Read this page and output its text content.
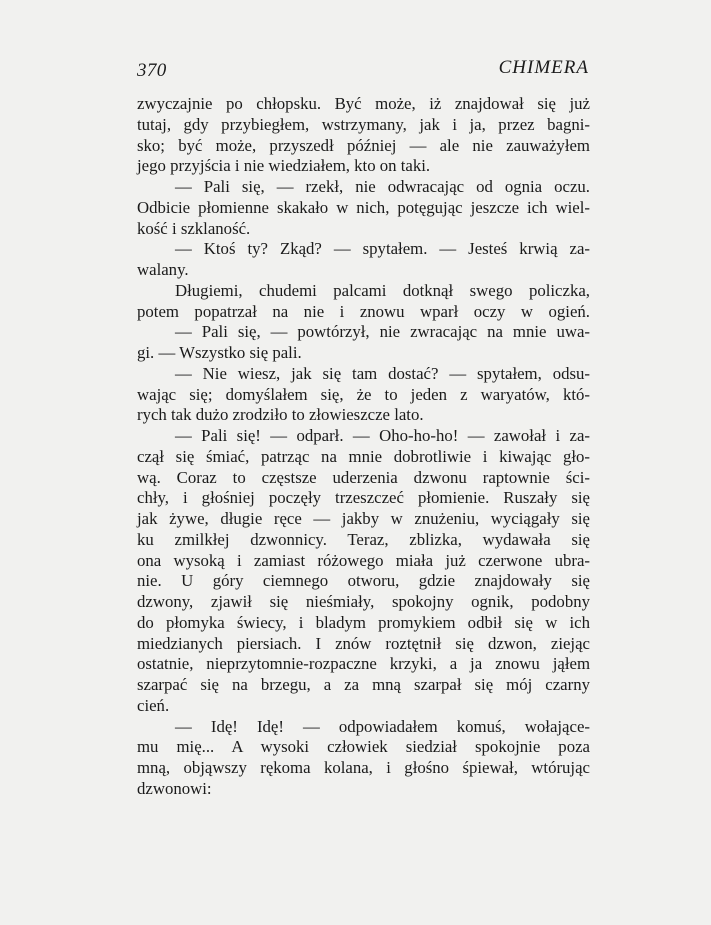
370	CHIMERA
zwyczajnie po chłopsku. Być może, iż znajdował się już
tutaj, gdy przybiegłem, wstrzymany, jak i ja, przez bagni-
sko; być może, przyszedł później — ale nie zauważyłem
jego przyjścia i nie wiedziałem, kto on taki.
— Pali się, — rzekł, nie odwracając od ognia oczu.
Odbicie płomienne skakało w nich, potęgując jeszcze ich wiel-
kość i szklaność.
— Ktoś ty? Zkąd? — spytałem. — Jesteś krwią za-
walany.
Długiemi, chudemi palcami dotknął swego policzka,
potem popatrzał na nie i znowu wparł oczy w ogień.
— Pali się, — powtórzył, nie zwracając na mnie uwa-
gi. — Wszystko się pali.
— Nie wiesz, jak się tam dostać? — spytałem, odsu-
wając się; domyślałem się, że to jeden z waryatów, któ-
rych tak dużo zrodziło to złowieszcze lato.
— Pali się! — odparł. — Oho-ho-ho! — zawołał i za-
czął się śmiać, patrząc na mnie dobrotliwie i kiwając gło-
wą. Coraz to częstsze uderzenia dzwonu raptownie ści-
chły, i głośniej poczęły trzeszczeć płomienie. Ruszały się
jak żywe, długie ręce — jakby w znużeniu, wyciągały się
ku zmilkłej dzwonnicy. Teraz, zblizka, wydawała się
ona wysoką i zamiast różowego miała już czerwone ubra-
nie. U góry ciemnego otworu, gdzie znajdowały się
dzwony, zjawił się nieśmiały, spokojny ognik, podobny
do płomyka świecy, i bladym promykiem odbił się w ich
miedzianych piersiach. I znów roztętnił się dzwon, ziejąc
ostatnie, nieprzytomnie-rozpaczne krzyki, a ja znowu jąłem
szarpać się na brzegu, a za mną szarpał się mój czarny
cień.
— Idę! Idę! — odpowiadałem komuś, wołające-
mu mię... A wysoki człowiek siedział spokojnie poza
mną, objąwszy rękoma kolana, i głośno śpiewał, wtórując
dzwonowi:
